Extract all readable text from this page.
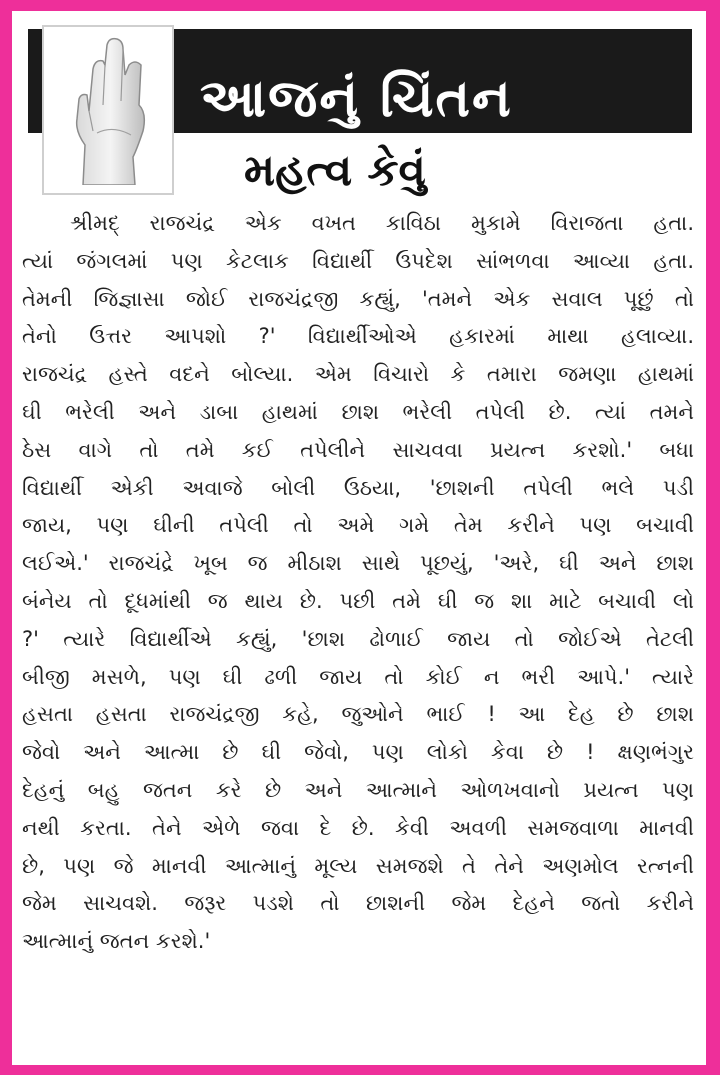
આજનું ચિંતન
મહત્વ કેવું
શ્રીમદ્ રાજચંદ્ર એક વખત કાવિઠા મુકામે વિરાજતા હતા.
ત્યાં જંગલમાં પણ કેટલાક વિદ્યાર્થી ઉપદેશ સાંભળવા આવ્યા હતા.
તેમની જિજ્ઞાસા જોઈ રાજચંદ્રજી કહ્યું, 'તમને એક સવાલ પૂછું તો
તેનો ઉત્તર આપશો ?' વિદ્યાર્થીઓએ હકારમાં માથા હલાવ્યા.
રાજચંદ્ર હસ્તે વદને બોલ્યા. એમ વિચારો કે તમારા જમણા હાથમાં
ઘી ભરેલી અને ડાબા હાથમાં છાશ ભરેલી તપેલી છે. ત્યાં તમને
ઠેસ વાગે તો તમે કઈ તપેલીને સાચવવા પ્રયત્ન કરશો.' બધા
વિદ્યાર્થી એકી અવાજે બોલી ઉઠયા, 'છાશની તપેલી ભલે પડી
જાય, પણ ઘીની તપેલી તો અમે ગમે તેમ કરીને પણ બચાવી
લઈએ.' રાજચંદ્રે ખૂબ જ મીઠાશ સાથે પૂછયું, 'અરે, ઘી અને છાશ
બંનેય તો દૂધમાંથી જ થાય છે. પછી તમે ઘી જ શા માટે બચાવી લો
?' ત્યારે વિદ્યાર્થીએ કહ્યું, 'છાશ ઢોળાઈ જાય તો જોઈએ તેટલી
બીજી મસળે, પણ ઘી ઢળી જાય તો કોઈ ન ભરી આપે.' ત્યારે
હસતા હસતા રાજચંદ્રજી કહે, જુઓને ભાઈ ! આ દેહ છે છાશ
જેવો અને આત્મા છે ઘી જેવો, પણ લોકો કેવા છે ! ક્ષણભંગુર
દેહનું બહુ જતન કરે છે અને આત્માને ઓળખવાનો પ્રયત્ન પણ
નથી કરતા. તેને એળે જવા દે છે. કેવી અવળી સમજવાળા માનવી
છે, પણ જે માનવી આત્માનું મૂલ્ય સમજશે તે તેને અણમોલ રત્નની
જેમ સાચવશે. જરૂર પડશે તો છાશની જેમ દેહને જતો કરીને
આત્માનું જતન કરશે.'
